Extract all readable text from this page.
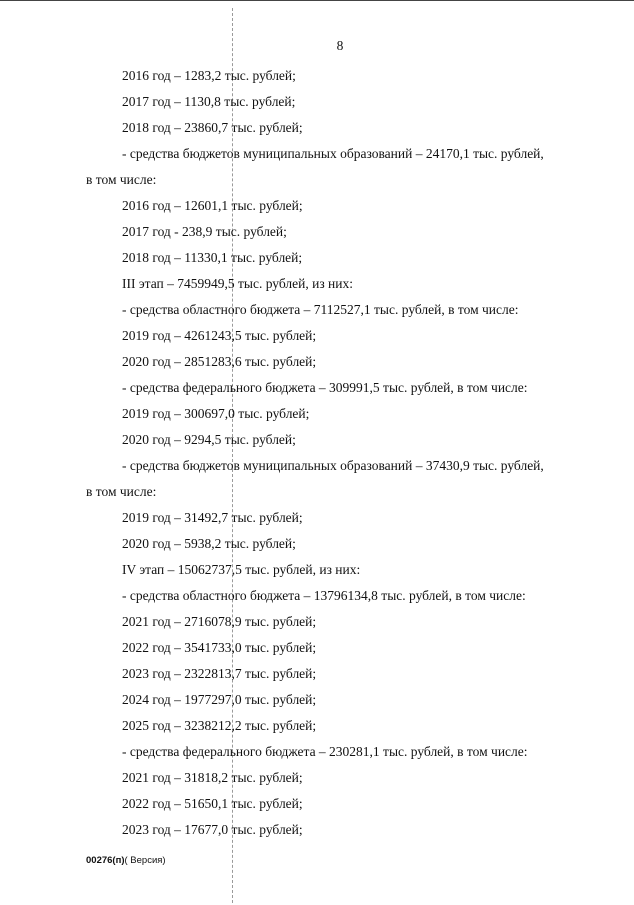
8
2016 год – 1283,2 тыс. рублей;
2017 год – 1130,8 тыс. рублей;
2018 год – 23860,7 тыс. рублей;
- средства бюджетов муниципальных образований – 24170,1 тыс. рублей,
в том числе:
2016 год – 12601,1 тыс. рублей;
2017 год - 238,9 тыс. рублей;
2018 год – 11330,1 тыс. рублей;
III этап – 7459949,5 тыс. рублей, из них:
- средства областного бюджета – 7112527,1 тыс. рублей, в том числе:
2019 год – 4261243,5 тыс. рублей;
2020 год – 2851283,6 тыс. рублей;
- средства федерального бюджета – 309991,5 тыс. рублей, в том числе:
2019 год – 300697,0 тыс. рублей;
2020 год – 9294,5 тыс. рублей;
- средства бюджетов муниципальных образований – 37430,9 тыс. рублей,
в том числе:
2019 год – 31492,7 тыс. рублей;
2020 год – 5938,2 тыс. рублей;
IV этап – 15062737,5 тыс. рублей, из них:
- средства областного бюджета – 13796134,8 тыс. рублей, в том числе:
2021 год – 2716078,9 тыс. рублей;
2022 год – 3541733,0 тыс. рублей;
2023 год – 2322813,7 тыс. рублей;
2024 год – 1977297,0 тыс. рублей;
2025 год – 3238212,2 тыс. рублей;
- средства федерального бюджета – 230281,1 тыс. рублей, в том числе:
2021 год – 31818,2 тыс. рублей;
2022 год – 51650,1 тыс. рублей;
2023 год – 17677,0 тыс. рублей;
00276(п)( Версия)
